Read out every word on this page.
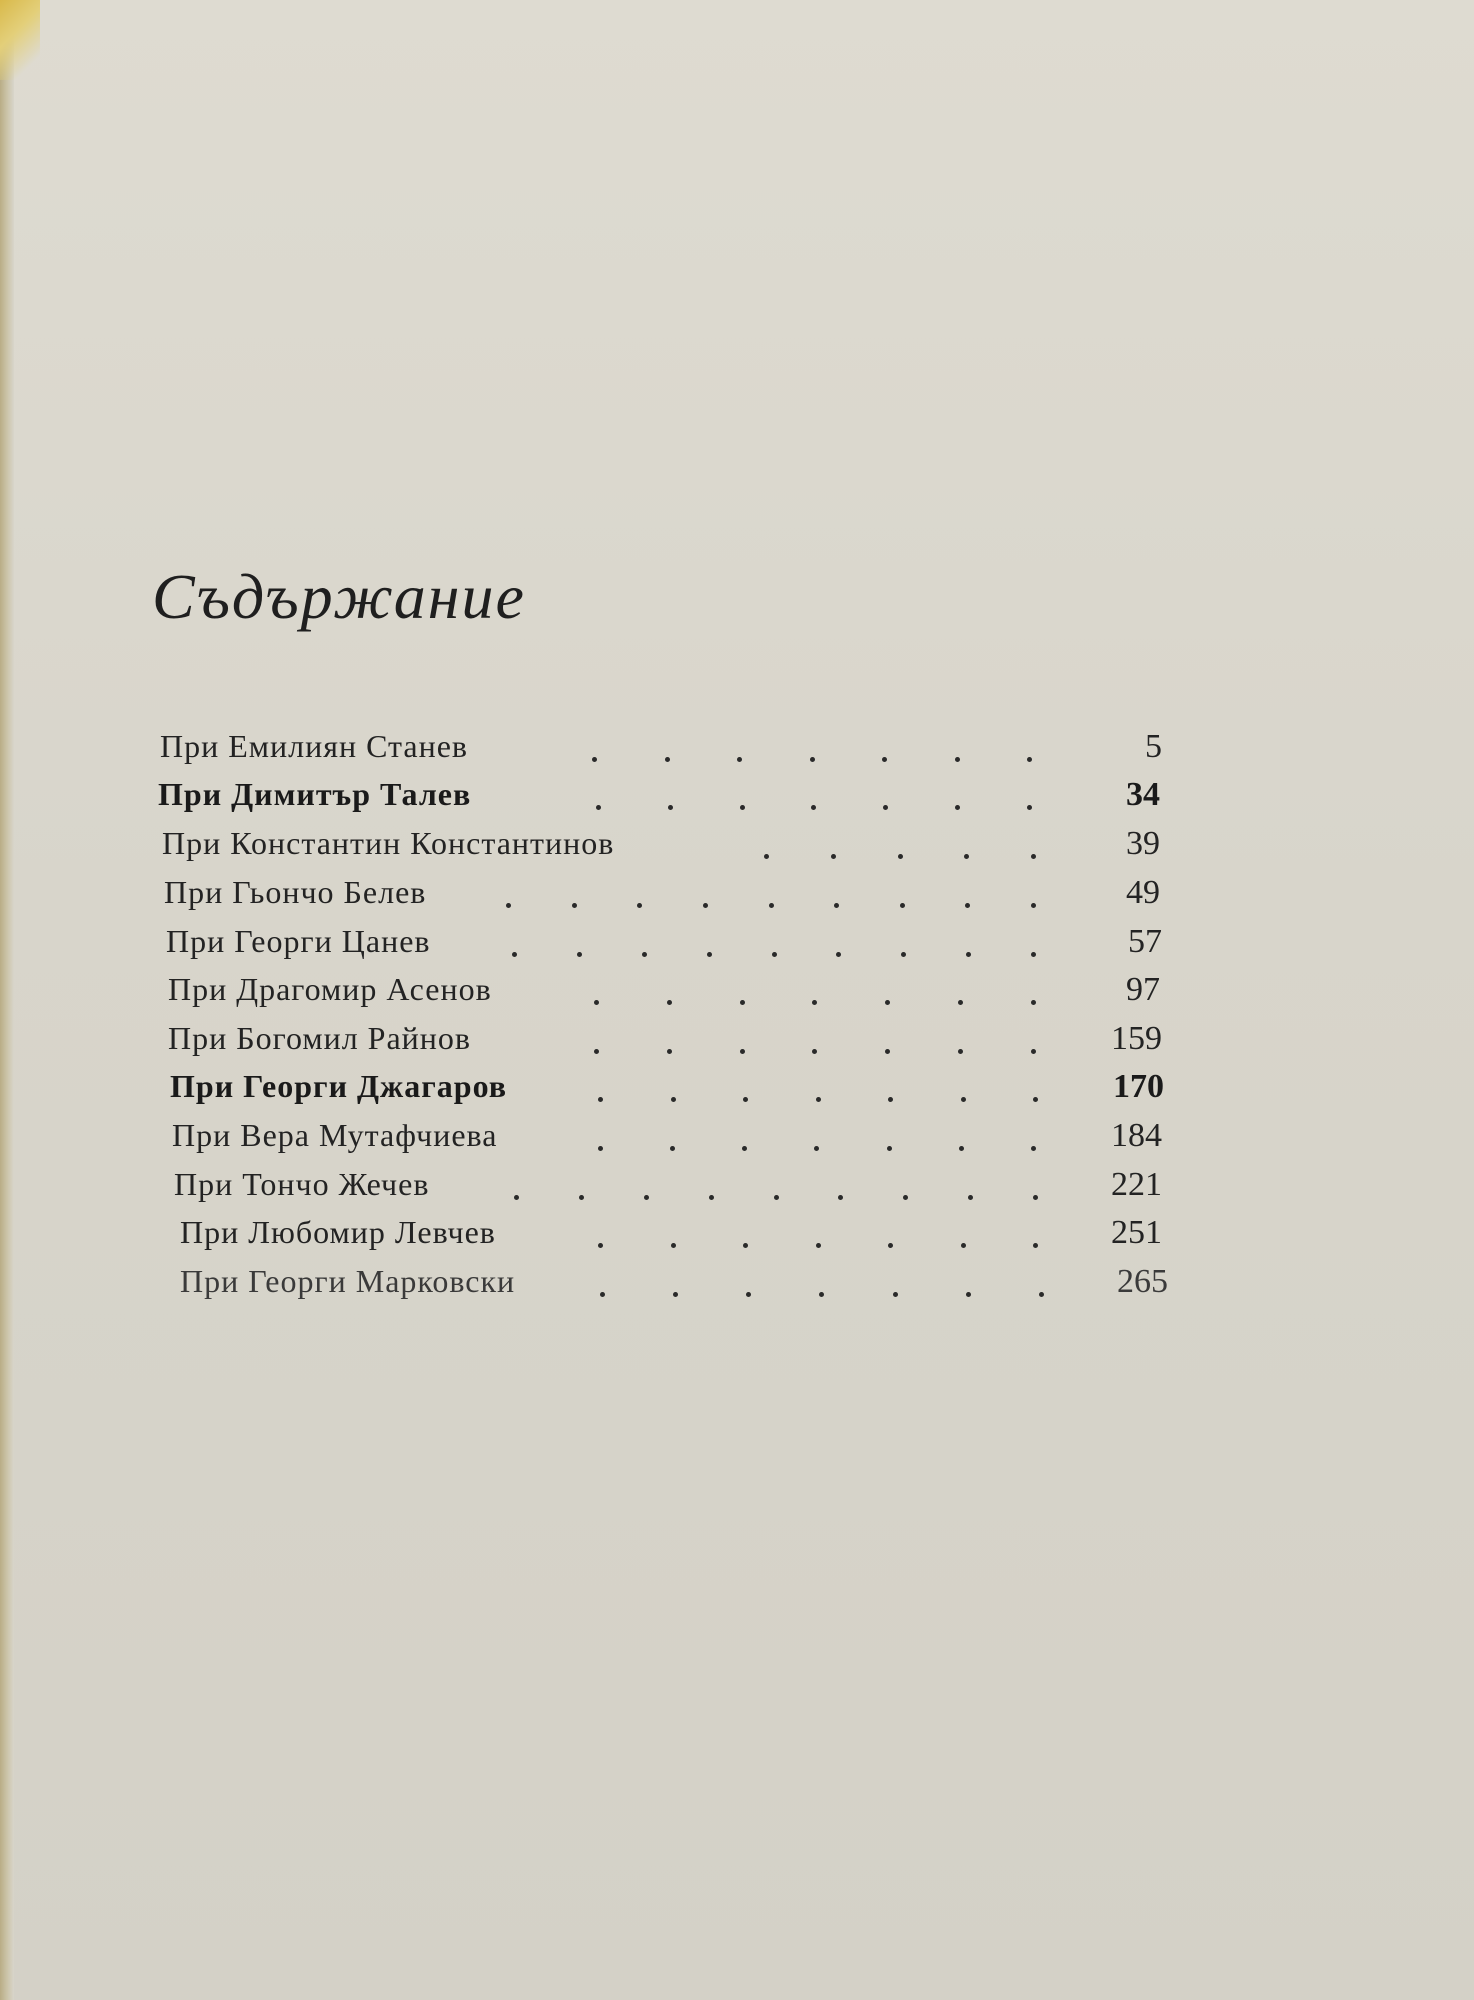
Съдържание
При Емилиян Станев	5
При Димитър Талев	34
При Константин Константинов	39
При Гьончо Белев	49
При Георги Цанев	57
При Драгомир Асенов	97
При Богомил Райнов	159
При Георги Джагаров	170
При Вера Мутафчиева	184
При Тончо Жечев	221
При Любомир Левчев	251
При Георги Марковски	265
